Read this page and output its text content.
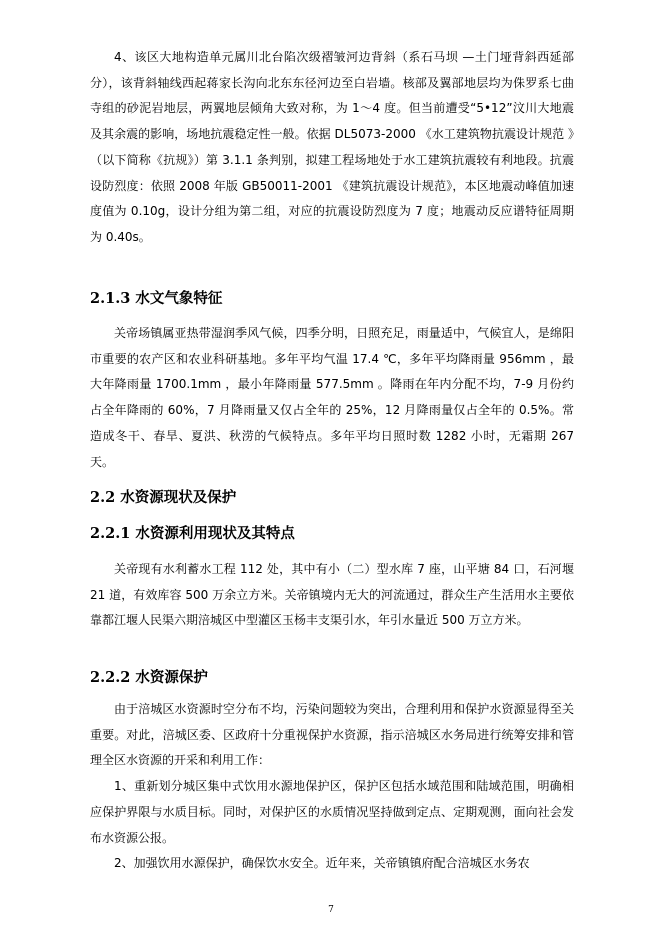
4、该区大地构造单元属川北台陷次级褶皱河边背斜（系石马坝 —土门垭背斜西延部分），该背斜轴线西起蒋家长沟向北东东径河边至白岩墙。核部及翼部地层均为侏罗系七曲寺组的砂泥岩地层，两翼地层倾角大致对称，为 1～4 度。但当前遭受“5•12”汶川大地震及其余震的影响，场地抗震稳定性一般。依据 DL5073-2000 《水工建筑物抗震设计规范 》（以下简称《抗规》）第 3.1.1 条判别，拟建工程场地处于水工建筑抗震较有利地段。抗震设防烈度：依照 2008 年版 GB50011-2001 《建筑抗震设计规范》，本区地震动峰值加速度值为 0.10g，设计分组为第二组，对应的抗震设防烈度为 7 度；地震动反应谱特征周期为 0.40s。

2.1.3 水文气象特征

关帝场镇属亚热带湿润季风气候，四季分明，日照充足，雨量适中，气候宜人，是绵阳市重要的农产区和农业科研基地。多年平均气温 17.4 ℃，多年平均降雨量 956mm ，最大年降雨量 1700.1mm ，最小年降雨量 577.5mm 。降雨在年内分配不均，7-9 月份约占全年降雨的 60%，7 月降雨量又仅占全年的 25%，12 月降雨量仅占全年的 0.5%。常造成冬干、春旱、夏洪、秋涝的气候特点。多年平均日照时数 1282 小时，无霜期 267 天。

2.2 水资源现状及保护
2.2.1 水资源利用现状及其特点

关帝现有水利蓄水工程 112 处，其中有小（二）型水库 7 座，山平塘 84 口，石河堰 21 道，有效库容 500 万余立方米。关帝镇境内无大的河流通过，群众生产生活用水主要依靠都江堰人民渠六期涪城区中型灌区玉杨丰支渠引水，年引水量近 500 万立方米。

2.2.2 水资源保护

由于涪城区水资源时空分布不均，污染问题较为突出，合理利用和保护水资源显得至关重要。对此，涪城区委、区政府十分重视保护水资源，指示涪城区水务局进行统筹安排和管理全区水资源的开采和利用工作：

1、重新划分城区集中式饮用水源地保护区，保护区包括水域范围和陆域范围，明确相应保护界限与水质目标。同时，对保护区的水质情况坚持做到定点、定期观测，面向社会发布水资源公报。

2、加强饮用水源保护，确保饮水安全。近年来，关帝镇镇府配合涪城区水务农

7
